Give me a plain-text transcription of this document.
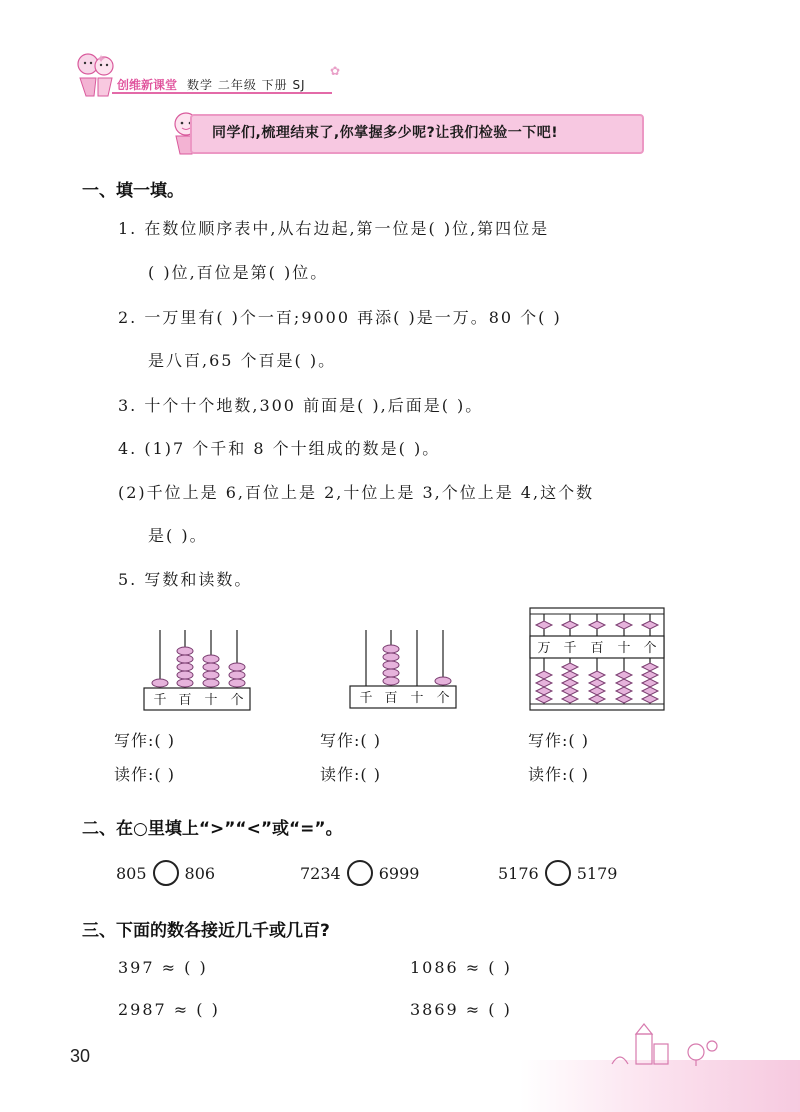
✦
✿
创维新课堂 数学 二年级 下册 SJ
同学们,梳理结束了,你掌握多少呢?让我们检验一下吧!
一、填一填。
1. 在数位顺序表中,从右边起,第一位是( )位,第四位是
( )位,百位是第( )位。
2. 一万里有( )个一百;9000 再添( )是一万。80 个( )
是八百,65 个百是( )。
3. 十个十个地数,300 前面是( ),后面是( )。
4. (1)7 个千和 8 个十组成的数是( )。
(2)千位上是 6,百位上是 2,十位上是 3,个位上是 4,这个数
是( )。
5. 写数和读数。
千 百 十 个	千 百 十 个
万 千 百 十 个
写作:( )
读作:( )
写作:( )
读作:( )
写作:( )
读作:( )
二、在○里填上“>”“<”或“=”。
805 806	7234 6999	5176 5179
三、下面的数各接近几千或几百?
397 ≈ ( )	1086 ≈ ( )
2987 ≈ ( )	3869 ≈ ( )
30
